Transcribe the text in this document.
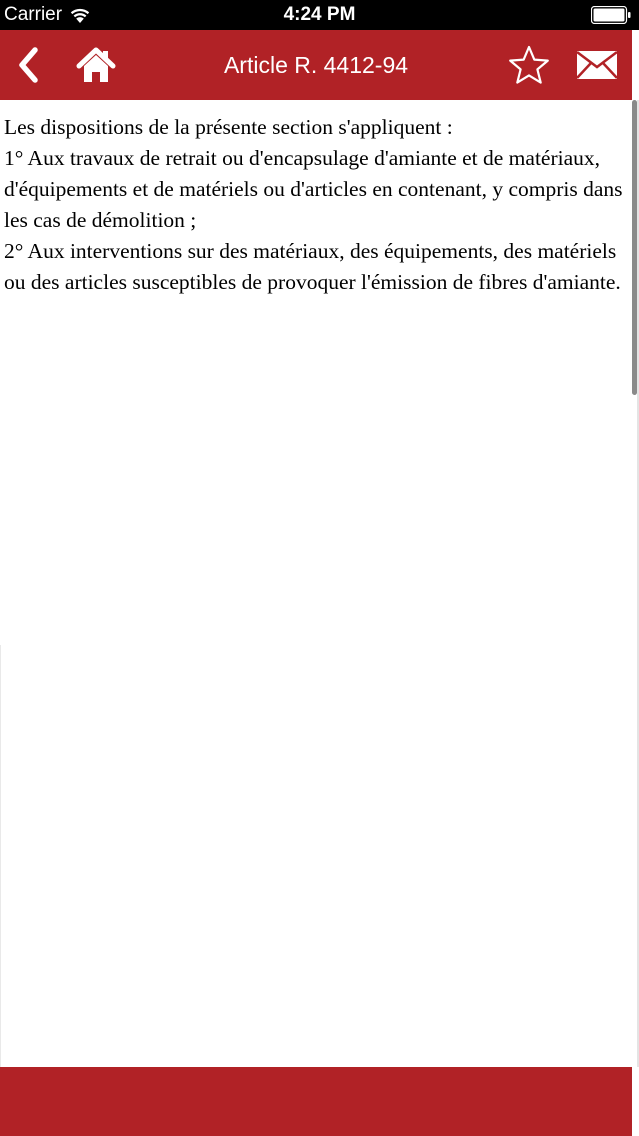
Carrier	4:24 PM
Article R. 4412-94

Les dispositions de la présente section s'appliquent :

1° Aux travaux de retrait ou d'encapsulage d'amiante et de matériaux, d'équipements et de matériels ou d'articles en contenant, y compris dans les cas de démolition ;

2° Aux interventions sur des matériaux, des équipements, des matériels ou des articles susceptibles de provoquer l'émission de fibres d'amiante.
